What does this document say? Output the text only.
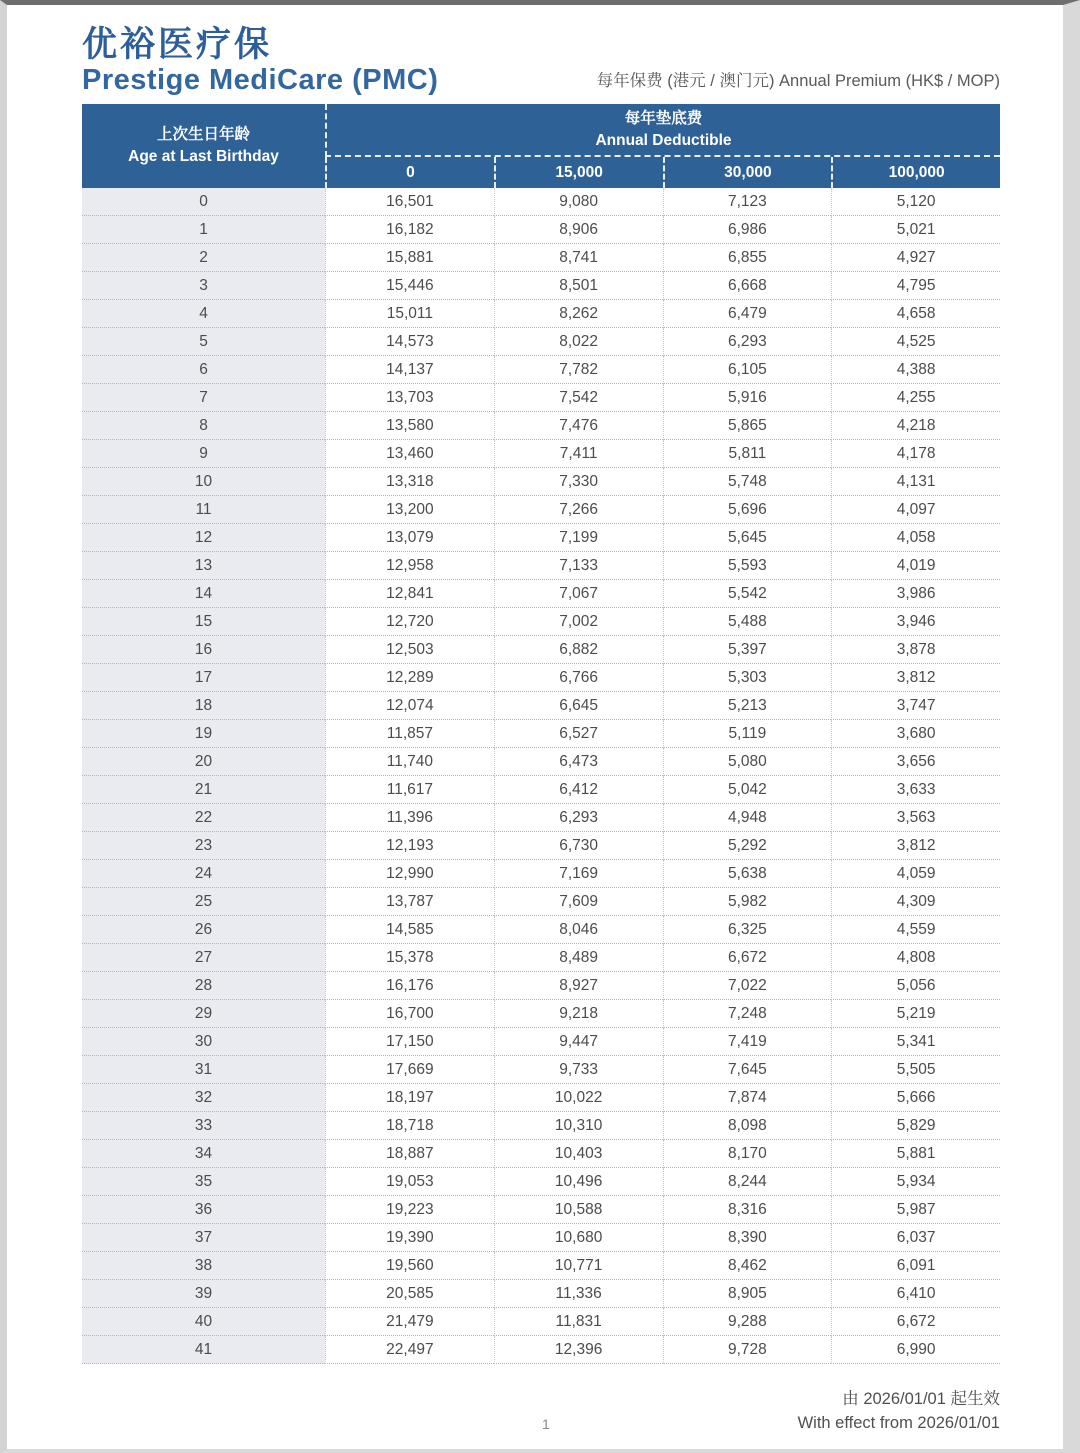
优裕医疗保
Prestige MediCare (PMC)	每年保费 (港元 / 澳门元) Annual Premium (HK$ / MOP)
上次生日年龄
Age at Last Birthday

每年垫底费
Annual Deductible

	0	15,000	30,000	100,000
0	16,501	9,080	7,123	5,120
1	16,182	8,906	6,986	5,021
2	15,881	8,741	6,855	4,927
3	15,446	8,501	6,668	4,795
4	15,011	8,262	6,479	4,658
5	14,573	8,022	6,293	4,525
6	14,137	7,782	6,105	4,388
7	13,703	7,542	5,916	4,255
8	13,580	7,476	5,865	4,218
9	13,460	7,411	5,811	4,178
10	13,318	7,330	5,748	4,131
11	13,200	7,266	5,696	4,097
12	13,079	7,199	5,645	4,058
13	12,958	7,133	5,593	4,019
14	12,841	7,067	5,542	3,986
15	12,720	7,002	5,488	3,946
16	12,503	6,882	5,397	3,878
17	12,289	6,766	5,303	3,812
18	12,074	6,645	5,213	3,747
19	11,857	6,527	5,119	3,680
20	11,740	6,473	5,080	3,656
21	11,617	6,412	5,042	3,633
22	11,396	6,293	4,948	3,563
23	12,193	6,730	5,292	3,812
24	12,990	7,169	5,638	4,059
25	13,787	7,609	5,982	4,309
26	14,585	8,046	6,325	4,559
27	15,378	8,489	6,672	4,808
28	16,176	8,927	7,022	5,056
29	16,700	9,218	7,248	5,219
30	17,150	9,447	7,419	5,341
31	17,669	9,733	7,645	5,505
32	18,197	10,022	7,874	5,666
33	18,718	10,310	8,098	5,829
34	18,887	10,403	8,170	5,881
35	19,053	10,496	8,244	5,934
36	19,223	10,588	8,316	5,987
37	19,390	10,680	8,390	6,037
38	19,560	10,771	8,462	6,091
39	20,585	11,336	8,905	6,410
40	21,479	11,831	9,288	6,672
41	22,497	12,396	9,728	6,990
1
由 2026/01/01 起生效
With effect from 2026/01/01
